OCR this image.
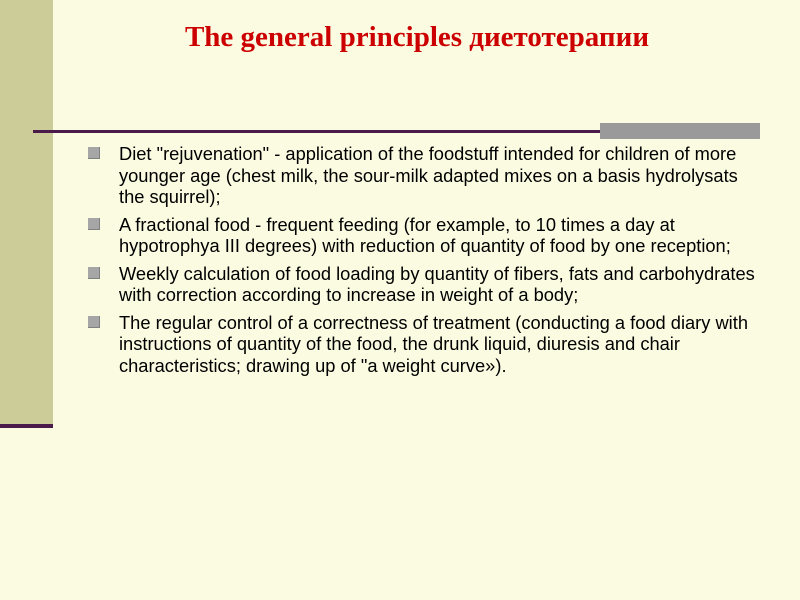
The general principles диетотерапии
Diet "rejuvenation" - application of the foodstuff intended for children of more younger age (chest milk, the sour-milk adapted mixes on a basis hydrolysats the squirrel);
A fractional food - frequent feeding (for example, to 10 times a day at hypotrophya III degrees) with reduction of quantity of food by one reception;
Weekly calculation of food loading by quantity of fibers, fats and carbohydrates with correction according to increase in weight of a body;
The regular control of a correctness of treatment (conducting a food diary with instructions of quantity of the food, the drunk liquid, diuresis and chair characteristics; drawing up of "a weight curve»).
